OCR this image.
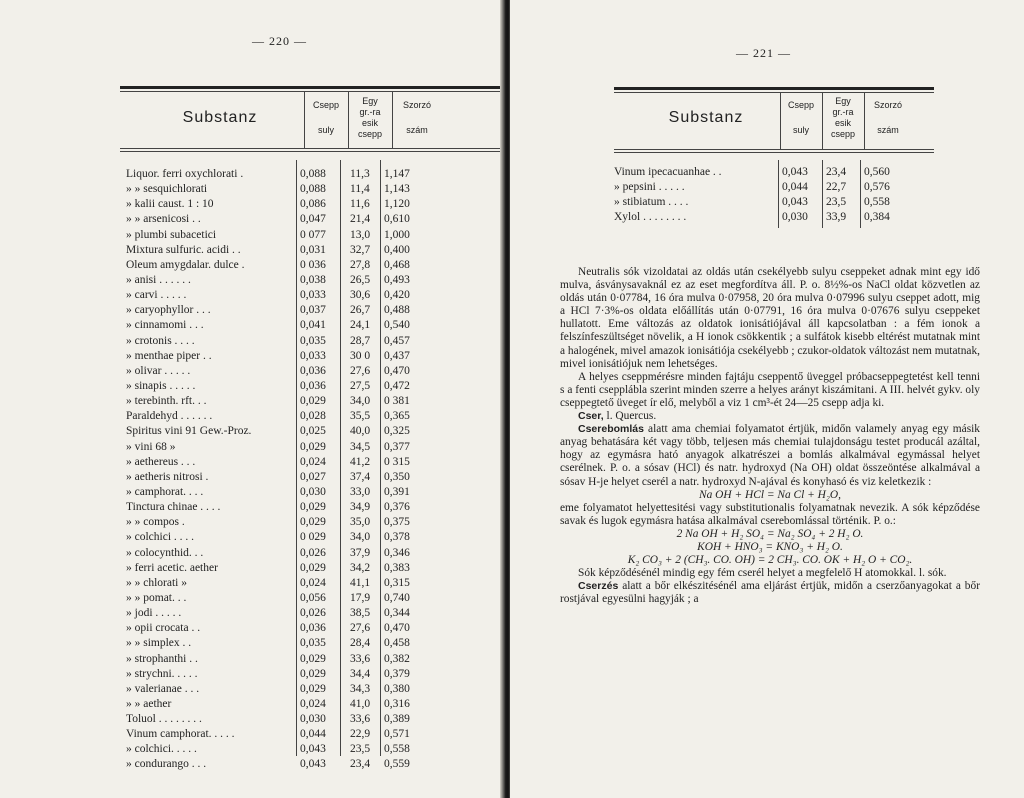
— 220 —
Substanz
Csepp
suly
Egy
gr.-ra
esik
csepp
Szorzó
szám
Liquor. ferri oxychlorati .	0,088 11,3 1,147
» » sesquichlorati	0,088 11,4 1,143
» kalii caust. 1 : 10	0,086 11,6 1,120
» » arsenicosi . .	0,047 21,4 0,610
» plumbi subacetici	0 077 13,0 1,000
Mixtura sulfuric. acidi . .	0,031 32,7 0,400
Oleum amygdalar. dulce .	0 036 27,8 0,468
» anisi . . . . . .	0,038 26,5 0,493
» carvi . . . . .	0,033 30,6 0,420
» caryophyllor . . .	0,037 26,7 0,488
» cinnamomi . . .	0,041 24,1 0,540
» crotonis . . . .	0,035 28,7 0,457
» menthae piper . .	0,033 30 0 0,437
» olivar . . . . .	0,036 27,6 0,470
» sinapis . . . . .	0,036 27,5 0,472
» terebinth. rft. . .	0,029 34,0 0 381
Paraldehyd . . . . . .	0,028 35,5 0,365
Spiritus vini 91 Gew.-Proz.	0,025 40,0 0,325
» vini 68 »	0,029 34,5 0,377
» aethereus . . .	0,024 41,2 0 315
» aetheris nitrosi .	0,027 37,4 0,350
» camphorat. . . .	0,030 33,0 0,391
Tinctura chinae . . . .	0,029 34,9 0,376
» » compos .	0,029 35,0 0,375
» colchici . . . .	0 029 34,0 0,378
» colocynthid. . .	0,026 37,9 0,346
» ferri acetic. aether	0,029 34,2 0,383
» » chlorati »	0,024 41,1 0,315
» » pomat. . .	0,056 17,9 0,740
» jodi . . . . .	0,026 38,5 0,344
» opii crocata . .	0,036 27,6 0,470
» » simplex . .	0,035 28,4 0,458
» strophanthi . .	0,029 33,6 0,382
» strychni. . . . .	0,029 34,4 0,379
» valerianae . . .	0,029 34,3 0,380
» » aether	0,024 41,0 0,316
Toluol . . . . . . . .	0,030 33,6 0,389
Vinum camphorat. . . . .	0,044 22,9 0,571
» colchici. . . . .	0,043 23,5 0,558
» condurango . . .	0,043 23,4 0,559
— 221 —
Substanz
Csepp
suly
Egy
gr.-ra
esik
csepp
Szorzó
szám
Vinum ipecacuanhae . .	0,043 23,4 0,560
» pepsini . . . . .	0,044 22,7 0,576
» stibiatum . . . .	0,043 23,5 0,558
Xylol . . . . . . . .	0,030 33,9 0,384

Neutralis sók vizoldatai az oldás után csekélyebb sulyu cseppeket adnak mint egy idő mulva, ásványsavaknál ez az eset megfordítva áll. P. o. 8½%-os NaCl oldat közvetlen az oldás után 0·07784, 16 óra mulva 0·07958, 20 óra mulva 0·07996 sulyu cseppet adott, mig a HCl 7·3%-os oldata előállítás után 0·07791, 16 óra mulva 0·07676 sulyu cseppeket hullatott. Eme változás az oldatok ionisátiójával áll kapcsolatban : a fém ionok a felszínfeszültséget növelik, a H ionok csökkentik ; a sulfátok kisebb eltérést mutatnak mint a halogének, mivel amazok ionisátiója csekélyebb ; czukor-oldatok változást nem mutatnak, mivel ionisátiójuk nem lehetséges.

A helyes cseppmérésre minden fajtáju cseppentő üveggel próbacseppegtetést kell tenni s a fenti cseppláblа szerint minden szerre a helyes arányt kiszámitani. A III. helvét gykv. oly cseppegtető üveget ír elő, melyből a viz 1 cm³-ét 24—25 csepp adja ki.

Cser, l. Quercus.

Cserebomlás alatt ama chemiai folyamatot értjük, midőn valamely anyag egy másik anyag behatására két vagy több, teljesen más chemiai tulajdonságu testet producál azáltal, hogy az egymásra ható anyagok alkatrészei a bomlás alkalmával egymással helyet cserélnek. P. o. a sósav (HCl) és natr. hydroxyd (Na OH) oldat összeöntése alkalmával a sósav H-je helyet cserél a natr. hydroxyd N-ajával és konyhasó és viz keletkezik :

Na OH + HCl = Na Cl + H₂O,

eme folyamatot helyettesitési vagy substitutionalis folyamatnak nevezik. A sók képződése savak és lugok egymásra hatása alkalmával cserebomlással történik. P. o.:

2 Na OH + H₂ SO₄ = Na₂ SO₄ + 2 H₂ O.

KOH + HNO₃ = KNO₃ + H₂ O.

K₂ CO₃ + 2 (CH₃. CO. OH) = 2 CH₃. CO. OK + H₂ O + CO₂.

Sók képződésénél mindig egy fém cserél helyet a megfelelő H atomokkal. l. sók.

Cserzés alatt a bőr elkészitésénél ama eljárást értjük, midőn a cserzőanyagokat a bőr rostjával egyesülni hagyják ; a
